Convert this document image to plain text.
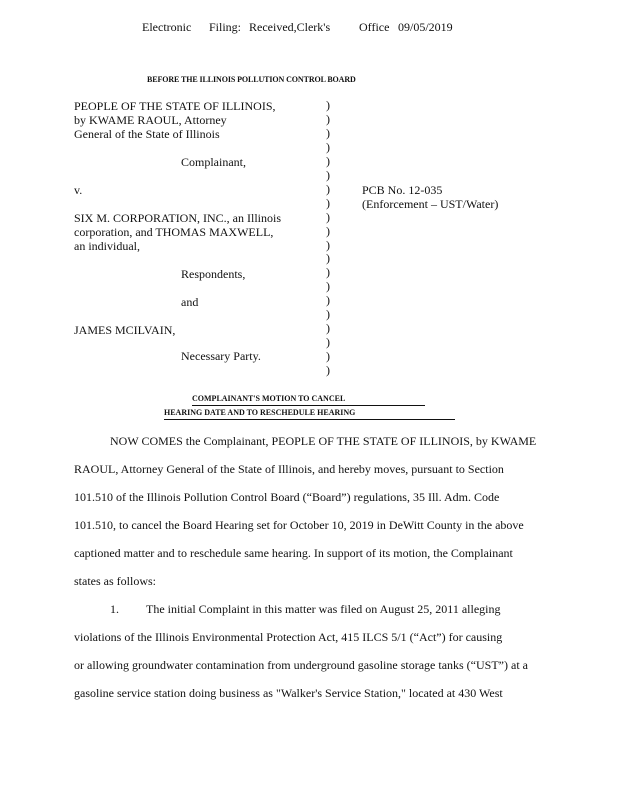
Electronic Filing: Received,Clerk's Office 09/05/2019
BEFORE THE ILLINOIS POLLUTION CONTROL BOARD
PEOPLE OF THE STATE OF ILLINOIS,
by KWAME RAOUL, Attorney
General of the State of Illinois
Complainant,
v.
SIX M. CORPORATION, INC., an Illinois
corporation, and THOMAS MAXWELL,
an individual,
Respondents,
and
JAMES MCILVAIN,
Necessary Party.
)
)
)
)
)
)
)
)
)
)
)
)
)
)
)
)
)
)
)
)
PCB No. 12-035
(Enforcement – UST/Water)
COMPLAINANT'S MOTION TO CANCEL
HEARING DATE AND TO RESCHEDULE HEARING
NOW COMES the Complainant, PEOPLE OF THE STATE OF ILLINOIS, by KWAME
RAOUL, Attorney General of the State of Illinois, and hereby moves, pursuant to Section
101.510 of the Illinois Pollution Control Board (“Board”) regulations, 35 Ill. Adm. Code
101.510, to cancel the Board Hearing set for October 10, 2019 in DeWitt County in the above
captioned matter and to reschedule same hearing. In support of its motion, the Complainant
states as follows:
1. The initial Complaint in this matter was filed on August 25, 2011 alleging
violations of the Illinois Environmental Protection Act, 415 ILCS 5/1 (“Act”) for causing
or allowing groundwater contamination from underground gasoline storage tanks (“UST”) at a
gasoline service station doing business as "Walker's Service Station," located at 430 West
